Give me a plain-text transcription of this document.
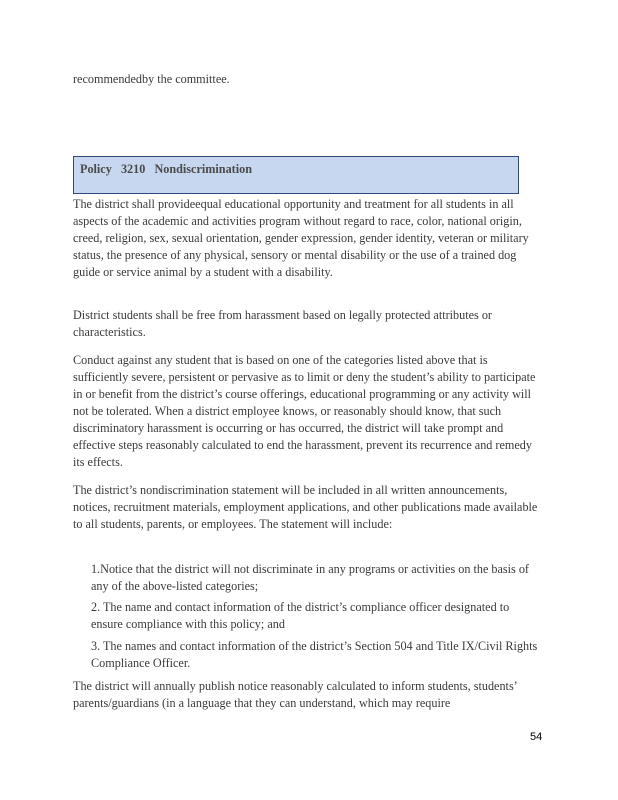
recommendedby the committee.
Policy   3210   Nondiscrimination
The district shall provideequal educational opportunity and treatment for all students in all aspects of the academic and activities program without regard to race, color, national origin, creed, religion, sex, sexual orientation, gender expression, gender identity, veteran or military status, the presence of any physical, sensory or mental disability or the use of a trained dog guide or service animal by a student with a disability.
District students shall be free from harassment based on legally protected attributes or characteristics.
Conduct against any student that is based on one of the categories listed above that is sufficiently severe, persistent or pervasive as to limit or deny the student’s ability to participate in or benefit from the district’s course offerings, educational programming or any activity will not be tolerated. When a district employee knows, or reasonably should know, that such discriminatory harassment is occurring or has occurred, the district will take prompt and effective steps reasonably calculated to end the harassment, prevent its recurrence and remedy its effects.
The district’s nondiscrimination statement will be included in all written announcements, notices, recruitment materials, employment applications, and other publications made available to all students, parents, or employees. The statement will include:
1.Notice that the district will not discriminate in any programs or activities on the basis of any of the above-listed categories;
2. The name and contact information of the district’s compliance officer designated to ensure compliance with this policy; and
3. The names and contact information of the district’s Section 504 and Title IX/Civil Rights Compliance Officer.
The district will annually publish notice reasonably calculated to inform students, students’ parents/guardians (in a language that they can understand, which may require
54
